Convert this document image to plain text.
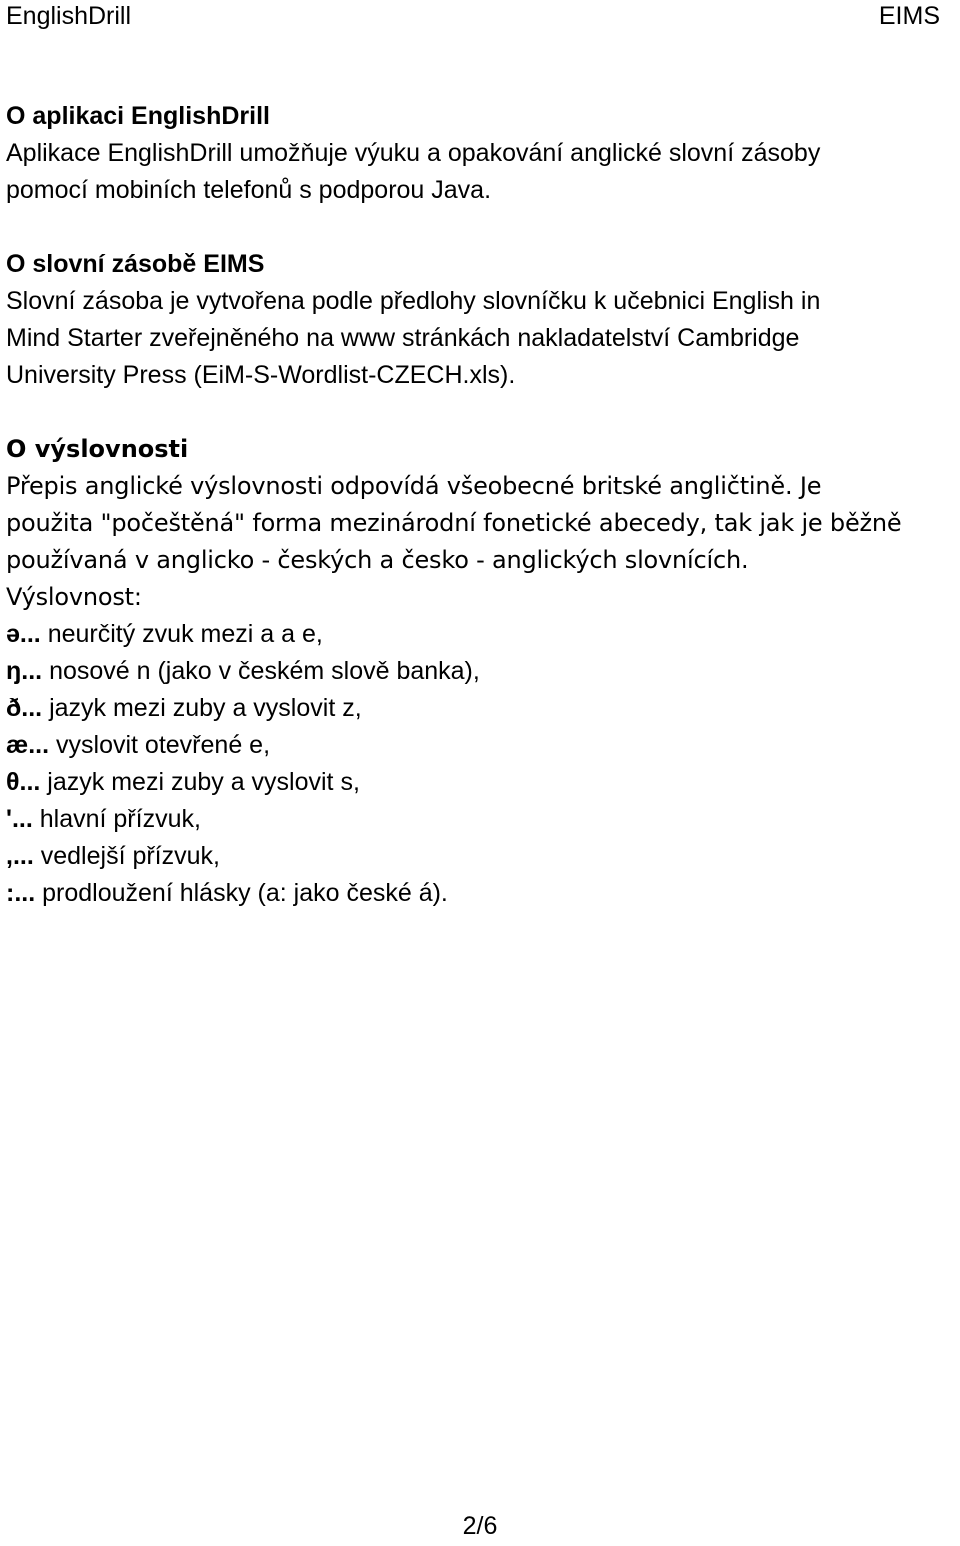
EnglishDrill	EIMS

O aplikaci EnglishDrill

Aplikace EnglishDrill umožňuje výuku a opakování anglické slovní zásoby

pomocí mobiních telefonů s podporou Java.

O slovní zásobě EIMS

Slovní zásoba je vytvořena podle předlohy slovníčku k učebnici English in

Mind Starter zveřejněného na www stránkách nakladatelství Cambridge

University Press (EiM-S-Wordlist-CZECH.xls).

O výslovnosti

Přepis anglické výslovnosti odpovídá všeobecné britské angličtině. Je

použita "počeštěná" forma mezinárodní fonetické abecedy, tak jak je běžně

používaná v anglicko - českých a česko - anglických slovnících.

Výslovnost:

ə... neurčitý zvuk mezi a a e,

ŋ... nosové n (jako v českém slově banka),

ð... jazyk mezi zuby a vyslovit z,

æ... vyslovit otevřené e,

θ... jazyk mezi zuby a vyslovit s,

'... hlavní přízvuk,

,... vedlejší přízvuk,

:... prodloužení hlásky (a: jako české á).

2/6
